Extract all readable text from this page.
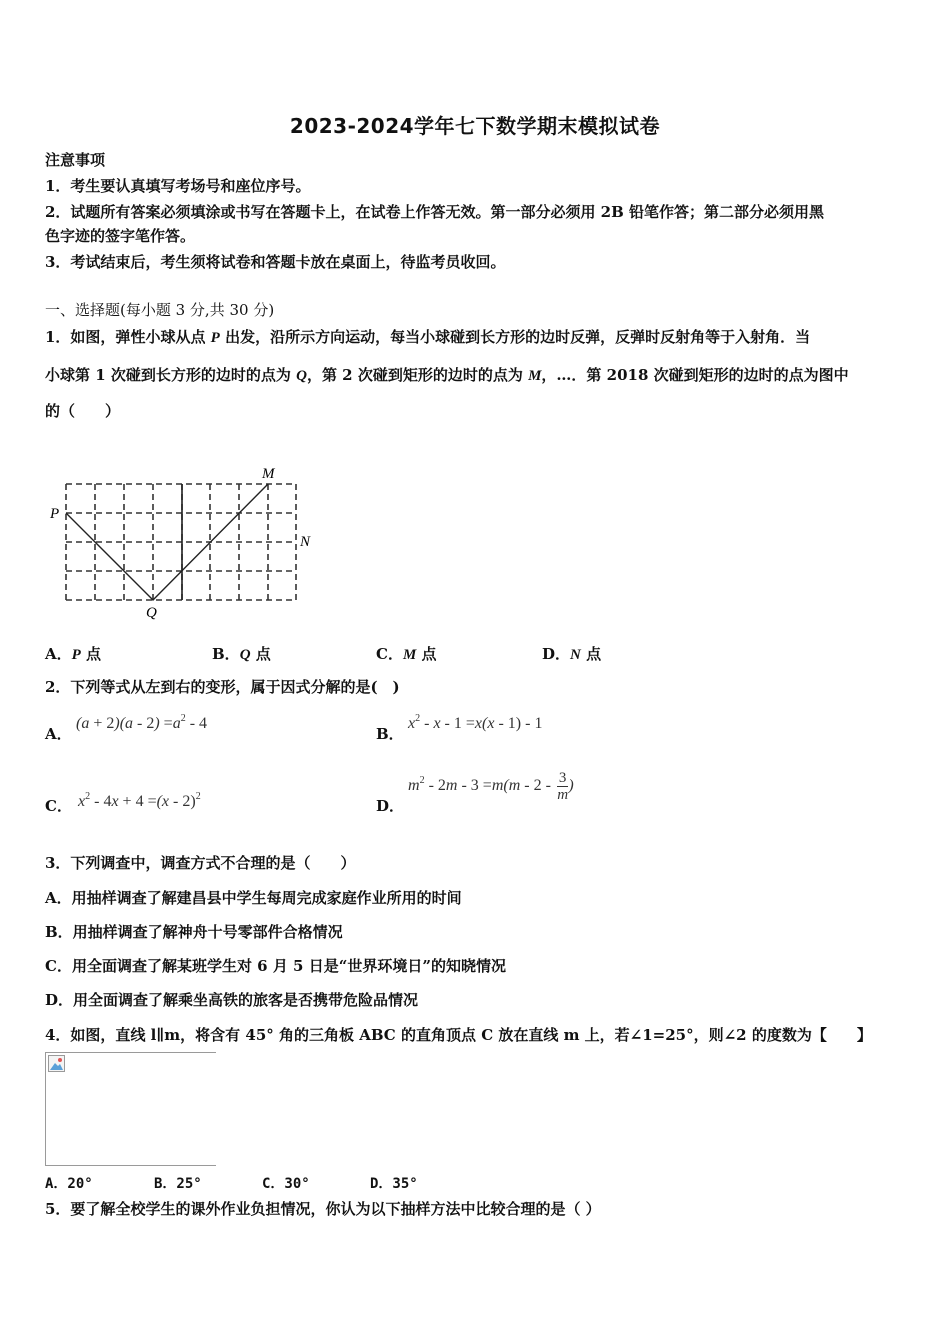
2023-2024学年七下数学期末模拟试卷
注意事项
1．考生要认真填写考场号和座位序号。
2．试题所有答案必须填涂或书写在答题卡上，在试卷上作答无效。第一部分必须用 2B 铅笔作答；第二部分必须用黑
色字迹的签字笔作答。
3．考试结束后，考生须将试卷和答题卡放在桌面上，待监考员收回。
一、选择题(每小题 3 分,共 30 分)
1．如图，弹性小球从点 P 出发，沿所示方向运动，每当小球碰到长方形的边时反弹，反弹时反射角等于入射角．当
小球第 1 次碰到长方形的边时的点为 Q，第 2 次碰到矩形的边时的点为 M，…．第 2018 次碰到矩形的边时的点为图中
的（　　）
P
Q
M
N
A．P 点	B．Q 点	C．M 点	D．N 点
2．下列等式从左到右的变形，属于因式分解的是(　)
A．
$(a + 2)(a - 2) =a^2 - 4$
B．
$x^2 - x - 1 =x(x - 1) - 1$
C． $x^2 - 4x + 4 =(x - 2)^2$
D．
$m^2 - 2m - 3 =m(m - 2 - \frac{3}{m}$ )
3．下列调查中，调查方式不合理的是（　　）
A．用抽样调查了解建昌县中学生每周完成家庭作业所用的时间
B．用抽样调查了解神舟十号零部件合格情况
C．用全面调查了解某班学生对 6 月 5 日是“世界环境日”的知晓情况
D．用全面调查了解乘坐高铁的旅客是否携带危险品情况
4．如图，直线 l∥m，将含有 45° 角的三角板 ABC 的直角顶点 C 放在直线 m 上，若∠1=25°，则∠2 的度数为【　　】
A．20°	B．25°	C．30°	D．35°
5．要了解全校学生的课外作业负担情况，你认为以下抽样方法中比较合理的是（ ）
